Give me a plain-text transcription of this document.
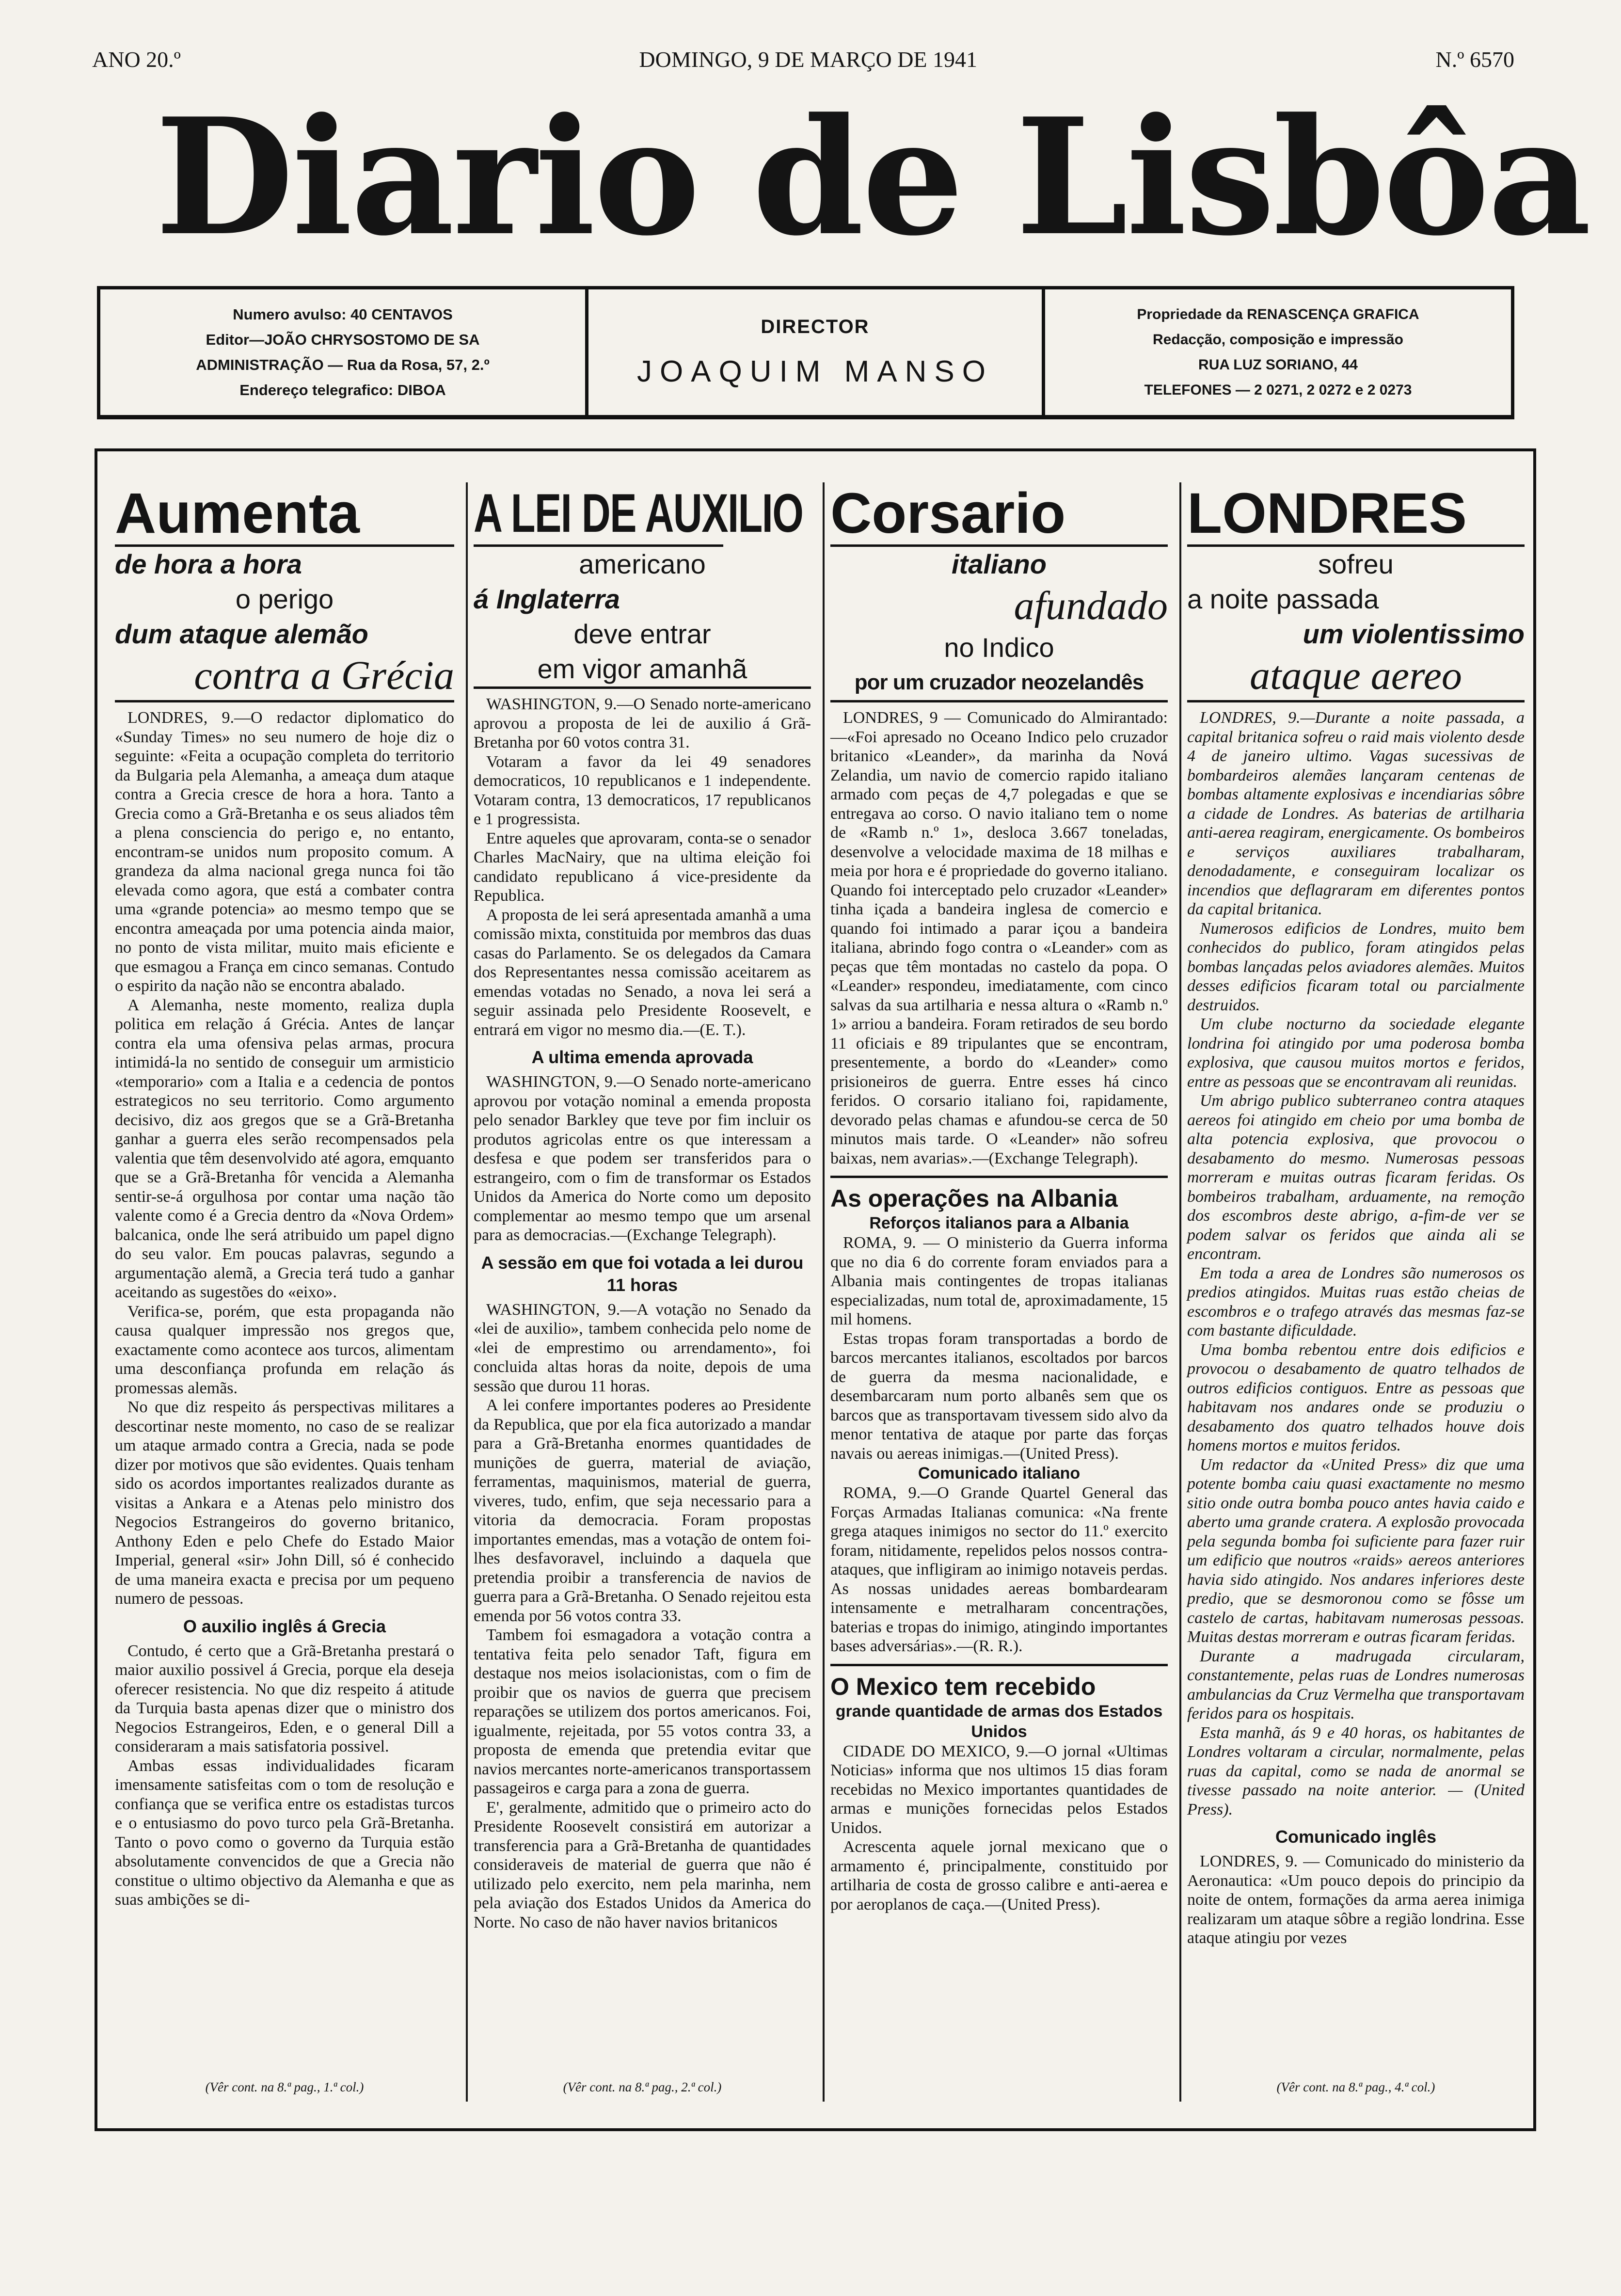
ANO 20.º	DOMINGO, 9 DE MARÇO DE 1941	N.º 6570
Diario de Lisbôa
Numero avulso: 40 CENTAVOS
Editor—JOÃO CHRYSOSTOMO DE SA
ADMINISTRAÇÃO — Rua da Rosa, 57, 2.º
Endereço telegrafico: DIBOA
DIRECTOR
JOAQUIM MANSO
Propriedade da RENASCENÇA GRAFICA
Redacção, composição e impressão
RUA LUZ SORIANO, 44
TELEFONES — 2 0271, 2 0272 e 2 0273
Aumenta
de hora a hora
o perigo
dum ataque alemão
contra a Grécia

LONDRES, 9.—O redactor diplomatico do «Sunday Times» no seu numero de hoje diz o seguinte: «Feita a ocupação completa do territorio da Bulgaria pela Alemanha, a ameaça dum ataque contra a Grecia cresce de hora a hora. Tanto a Grecia como a Grã-Bretanha e os seus aliados têm a plena consciencia do perigo e, no entanto, encontram-se unidos num proposito comum. A grandeza da alma nacional grega nunca foi tão elevada como agora, que está a combater contra uma «grande potencia» ao mesmo tempo que se encontra ameaçada por uma potencia ainda maior, no ponto de vista militar, muito mais eficiente e que esmagou a França em cinco semanas. Contudo o espirito da nação não se encontra abalado.

A Alemanha, neste momento, realiza dupla politica em relação á Grécia. Antes de lançar contra ela uma ofensiva pelas armas, procura intimidá-la no sentido de conseguir um armisticio «temporario» com a Italia e a cedencia de pontos estrategicos no seu territorio. Como argumento decisivo, diz aos gregos que se a Grã-Bretanha ganhar a guerra eles serão recompensados pela valentia que têm desenvolvido até agora, emquanto que se a Grã-Bretanha fôr vencida a Alemanha sentir-se-á orgulhosa por contar uma nação tão valente como é a Grecia dentro da «Nova Ordem» balcanica, onde lhe será atribuido um papel digno do seu valor. Em poucas palavras, segundo a argumentação alemã, a Grecia terá tudo a ganhar aceitando as sugestões do «eixo».

Verifica-se, porém, que esta propaganda não causa qualquer impressão nos gregos que, exactamente como acontece aos turcos, alimentam uma desconfiança profunda em relação ás promessas alemãs.

No que diz respeito ás perspectivas militares a descortinar neste momento, no caso de se realizar um ataque armado contra a Grecia, nada se pode dizer por motivos que são evidentes. Quais tenham sido os acordos importantes realizados durante as visitas a Ankara e a Atenas pelo ministro dos Negocios Estrangeiros do governo britanico, Anthony Eden e pelo Chefe do Estado Maior Imperial, general «sir» John Dill, só é conhecido de uma maneira exacta e precisa por um pequeno numero de pessoas.

O auxilio inglês á Grecia

Contudo, é certo que a Grã-Bretanha prestará o maior auxilio possivel á Grecia, porque ela deseja oferecer resistencia. No que diz respeito á atitude da Turquia basta apenas dizer que o ministro dos Negocios Estrangeiros, Eden, e o general Dill a consideraram a mais satisfatoria possivel.

Ambas essas individualidades ficaram imensamente satisfeitas com o tom de resolução e confiança que se verifica entre os estadistas turcos e o entusiasmo do povo turco pela Grã-Bretanha. Tanto o povo como o governo da Turquia estão absolutamente convencidos de que a Grecia não constitue o ultimo objectivo da Alemanha e que as suas ambições se di-

(Vêr cont. na 8.ª pag., 1.ª col.)
A LEI DE AUXILIO
americano
á Inglaterra
deve entrar
em vigor amanhã

WASHINGTON, 9.—O Senado norte-americano aprovou a proposta de lei de auxilio á Grã-Bretanha por 60 votos contra 31.

Votaram a favor da lei 49 senadores democraticos, 10 republicanos e 1 independente. Votaram contra, 13 democraticos, 17 republicanos e 1 progressista.

Entre aqueles que aprovaram, conta-se o senador Charles MacNairy, que na ultima eleição foi candidato republicano á vice-presidente da Republica.

A proposta de lei será apresentada amanhã a uma comissão mixta, constituida por membros das duas casas do Parlamento. Se os delegados da Camara dos Representantes nessa comissão aceitarem as emendas votadas no Senado, a nova lei será a seguir assinada pelo Presidente Roosevelt, e entrará em vigor no mesmo dia.—(E. T.).

A ultima emenda aprovada

WASHINGTON, 9.—O Senado norte-americano aprovou por votação nominal a emenda proposta pelo senador Barkley que teve por fim incluir os produtos agricolas entre os que interessam a desfesa e que podem ser transferidos para o estrangeiro, com o fim de transformar os Estados Unidos da America do Norte como um deposito complementar ao mesmo tempo que um arsenal para as democracias.—(Exchange Telegraph).

A sessão em que foi votada a lei durou 11 horas

WASHINGTON, 9.—A votação no Senado da «lei de auxilio», tambem conhecida pelo nome de «lei de emprestimo ou arrendamento», foi concluida altas horas da noite, depois de uma sessão que durou 11 horas.

A lei confere importantes poderes ao Presidente da Republica, que por ela fica autorizado a mandar para a Grã-Bretanha enormes quantidades de munições de guerra, material de aviação, ferramentas, maquinismos, material de guerra, viveres, tudo, enfim, que seja necessario para a vitoria da democracia. Foram propostas importantes emendas, mas a votação de ontem foi-lhes desfavoravel, incluindo a daquela que pretendia proibir a transferencia de navios de guerra para a Grã-Bretanha. O Senado rejeitou esta emenda por 56 votos contra 33.

Tambem foi esmagadora a votação contra a tentativa feita pelo senador Taft, figura em destaque nos meios isolacionistas, com o fim de proibir que os navios de guerra que precisem reparações se utilizem dos portos americanos. Foi, igualmente, rejeitada, por 55 votos contra 33, a proposta de emenda que pretendia evitar que navios mercantes norte-americanos transportassem passageiros e carga para a zona de guerra.

E', geralmente, admitido que o primeiro acto do Presidente Roosevelt consistirá em autorizar a transferencia para a Grã-Bretanha de quantidades consideraveis de material de guerra que não é utilizado pelo exercito, nem pela marinha, nem pela aviação dos Estados Unidos da America do Norte. No caso de não haver navios britanicos

(Vêr cont. na 8.ª pag., 2.ª col.)
Corsario
italiano
afundado
no Indico
por um cruzador neozelandês

LONDRES, 9 — Comunicado do Almirantado:—«Foi apresado no Oceano Indico pelo cruzador britanico «Leander», da marinha da Nová Zelandia, um navio de comercio rapido italiano armado com peças de 4,7 polegadas e que se entregava ao corso. O navio italiano tem o nome de «Ramb n.º 1», desloca 3.667 toneladas, desenvolve a velocidade maxima de 18 milhas e meia por hora e é propriedade do governo italiano. Quando foi interceptado pelo cruzador «Leander» tinha içada a bandeira inglesa de comercio e quando foi intimado a parar içou a bandeira italiana, abrindo fogo contra o «Leander» com as peças que têm montadas no castelo da popa. O «Leander» respondeu, imediatamente, com cinco salvas da sua artilharia e nessa altura o «Ramb n.º 1» arriou a bandeira. Foram retirados de seu bordo 11 oficiais e 89 tripulantes que se encontram, presentemente, a bordo do «Leander» como prisioneiros de guerra. Entre esses há cinco feridos. O corsario italiano foi, rapidamente, devorado pelas chamas e afundou-se cerca de 50 minutos mais tarde. O «Leander» não sofreu baixas, nem avarias».—(Exchange Telegraph).

As operações na Albania
Reforços italianos para a Albania

ROMA, 9. — O ministerio da Guerra informa que no dia 6 do corrente foram enviados para a Albania mais contingentes de tropas italianas especializadas, num total de, aproximadamente, 15 mil homens.

Estas tropas foram transportadas a bordo de barcos mercantes italianos, escoltados por barcos de guerra da mesma nacionalidade, e desembarcaram num porto albanês sem que os barcos que as transportavam tivessem sido alvo da menor tentativa de ataque por parte das forças navais ou aereas inimigas.—(United Press).

Comunicado italiano

ROMA, 9.—O Grande Quartel General das Forças Armadas Italianas comunica: «Na frente grega ataques inimigos no sector do 11.º exercito foram, nitidamente, repelidos pelos nossos contra-ataques, que infligiram ao inimigo notaveis perdas. As nossas unidades aereas bombardearam intensamente e metralharam concentrações, baterias e tropas do inimigo, atingindo importantes bases adversárias».—(R. R.).

O Mexico tem recebido
grande quantidade de armas dos Estados Unidos

CIDADE DO MEXICO, 9.—O jornal «Ultimas Noticias» informa que nos ultimos 15 dias foram recebidas no Mexico importantes quantidades de armas e munições fornecidas pelos Estados Unidos.

Acrescenta aquele jornal mexicano que o armamento é, principalmente, constituido por artilharia de costa de grosso calibre e anti-aerea e por aeroplanos de caça.—(United Press).

LONDRES
sofreu
a noite passada
um violentissimo
ataque aereo

LONDRES, 9.—Durante a noite passada, a capital britanica sofreu o raid mais violento desde 4 de janeiro ultimo. Vagas sucessivas de bombardeiros alemães lançaram centenas de bombas altamente explosivas e incendiarias sôbre a cidade de Londres. As baterias de artilharia anti-aerea reagiram, energicamente. Os bombeiros e serviços auxiliares trabalharam, denodadamente, e conseguiram localizar os incendios que deflagraram em diferentes pontos da capital britanica.

Numerosos edificios de Londres, muito bem conhecidos do publico, foram atingidos pelas bombas lançadas pelos aviadores alemães. Muitos desses edificios ficaram total ou parcialmente destruidos.

Um clube nocturno da sociedade elegante londrina foi atingido por uma poderosa bomba explosiva, que causou muitos mortos e feridos, entre as pessoas que se encontravam ali reunidas.

Um abrigo publico subterraneo contra ataques aereos foi atingido em cheio por uma bomba de alta potencia explosiva, que provocou o desabamento do mesmo. Numerosas pessoas morreram e muitas outras ficaram feridas. Os bombeiros trabalham, arduamente, na remoção dos escombros deste abrigo, a-fim-de ver se podem salvar os feridos que ainda ali se encontram.

Em toda a area de Londres são numerosos os predios atingidos. Muitas ruas estão cheias de escombros e o trafego através das mesmas faz-se com bastante dificuldade.

Uma bomba rebentou entre dois edificios e provocou o desabamento de quatro telhados de outros edificios contiguos. Entre as pessoas que habitavam nos andares onde se produziu o desabamento dos quatro telhados houve dois homens mortos e muitos feridos.

Um redactor da «United Press» diz que uma potente bomba caiu quasi exactamente no mesmo sitio onde outra bomba pouco antes havia caido e aberto uma grande cratera. A explosão provocada pela segunda bomba foi suficiente para fazer ruir um edificio que noutros «raids» aereos anteriores havia sido atingido. Nos andares inferiores deste predio, que se desmoronou como se fôsse um castelo de cartas, habitavam numerosas pessoas. Muitas destas morreram e outras ficaram feridas.

Durante a madrugada circularam, constantemente, pelas ruas de Londres numerosas ambulancias da Cruz Vermelha que transportavam feridos para os hospitais.

Esta manhã, ás 9 e 40 horas, os habitantes de Londres voltaram a circular, normalmente, pelas ruas da capital, como se nada de anormal se tivesse passado na noite anterior. — (United Press).

Comunicado inglês

LONDRES, 9. — Comunicado do ministerio da Aeronautica: «Um pouco depois do principio da noite de ontem, formações da arma aerea inimiga realizaram um ataque sôbre a região londrina. Esse ataque atingiu por vezes

(Vêr cont. na 8.ª pag., 4.ª col.)
